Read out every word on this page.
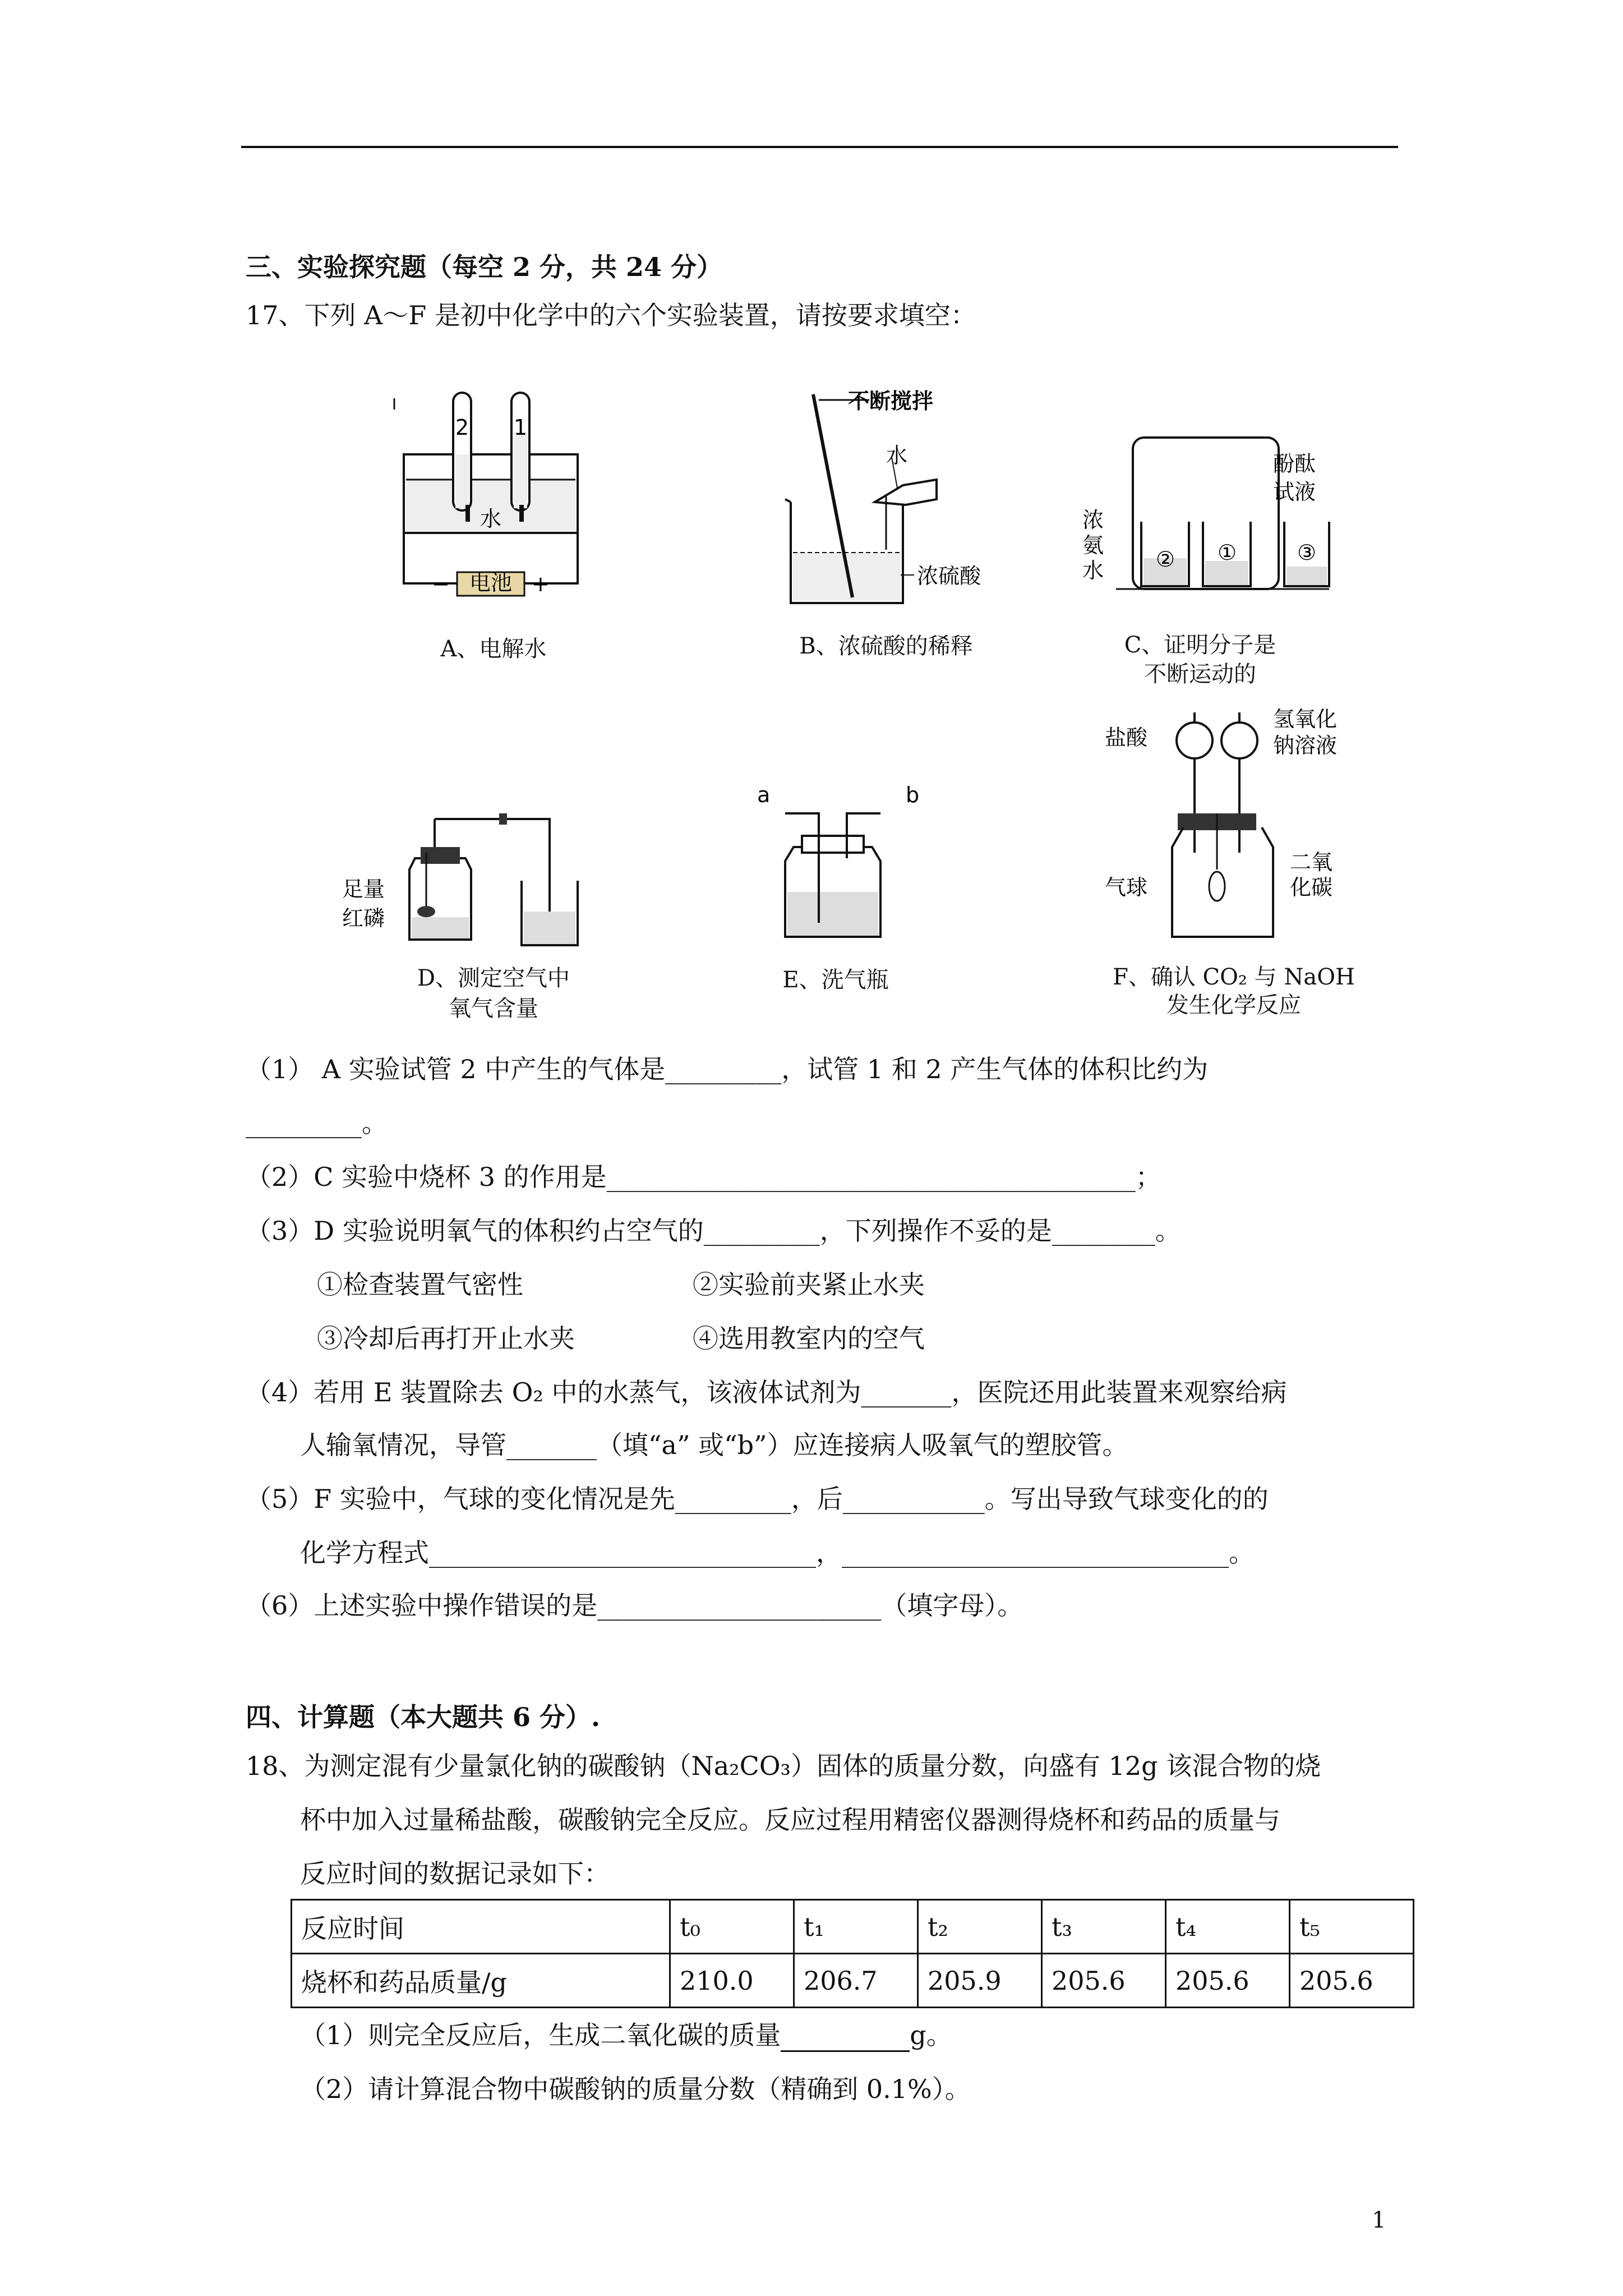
三、实验探究题（每空 2 分，共 24 分）
17、下列 A～F 是初中化学中的六个实验装置，请按要求填空：
电池
−	+
2 1
水
A、电解水
不断搅拌
水
浓硫酸
B、浓硫酸的稀释
② ①	③
浓
氨
水
酚酞
试液
C、证明分子是
不断运动的
足量
红磷
D、测定空气中
氧气含量
a	b
E、洗气瓶
盐酸
氢氧化
钠溶液
气球
二氧
化碳
F、确认 CO₂ 与 NaOH
发生化学反应
（1） A 实验试管 2 中产生的气体是_________，试管 1 和 2 产生气体的体积比约为
_________。
（2）C 实验中烧杯 3 的作用是_________________________________________；
（3）D 实验说明氧气的体积约占空气的_________，下列操作不妥的是________。
①检查装置气密性	②实验前夹紧止水夹
③冷却后再打开止水夹	④选用教室内的空气
（4）若用 E 装置除去 O₂ 中的水蒸气，该液体试剂为_______，医院还用此装置来观察给病
人输氧情况，导管_______（填“a” 或“b”）应连接病人吸氧气的塑胶管。
（5）F 实验中，气球的变化情况是先_________，后___________。写出导致气球变化的的
化学方程式______________________________，______________________________。
（6）上述实验中操作错误的是______________________（填字母）。
四、计算题（本大题共 6 分）.
18、为测定混有少量氯化钠的碳酸钠（Na₂CO₃）固体的质量分数，向盛有 12g 该混合物的烧
杯中加入过量稀盐酸，碳酸钠完全反应。反应过程用精密仪器测得烧杯和药品的质量与
反应时间的数据记录如下：
反应时间	t₀	t₁	t₂	t₃	t₄	t₅
烧杯和药品质量/g	210.0	206.7	205.9	205.6	205.6	205.6
（1）则完全反应后，生成二氧化碳的质量	g。
（2）请计算混合物中碳酸钠的质量分数（精确到 0.1%）。
1
